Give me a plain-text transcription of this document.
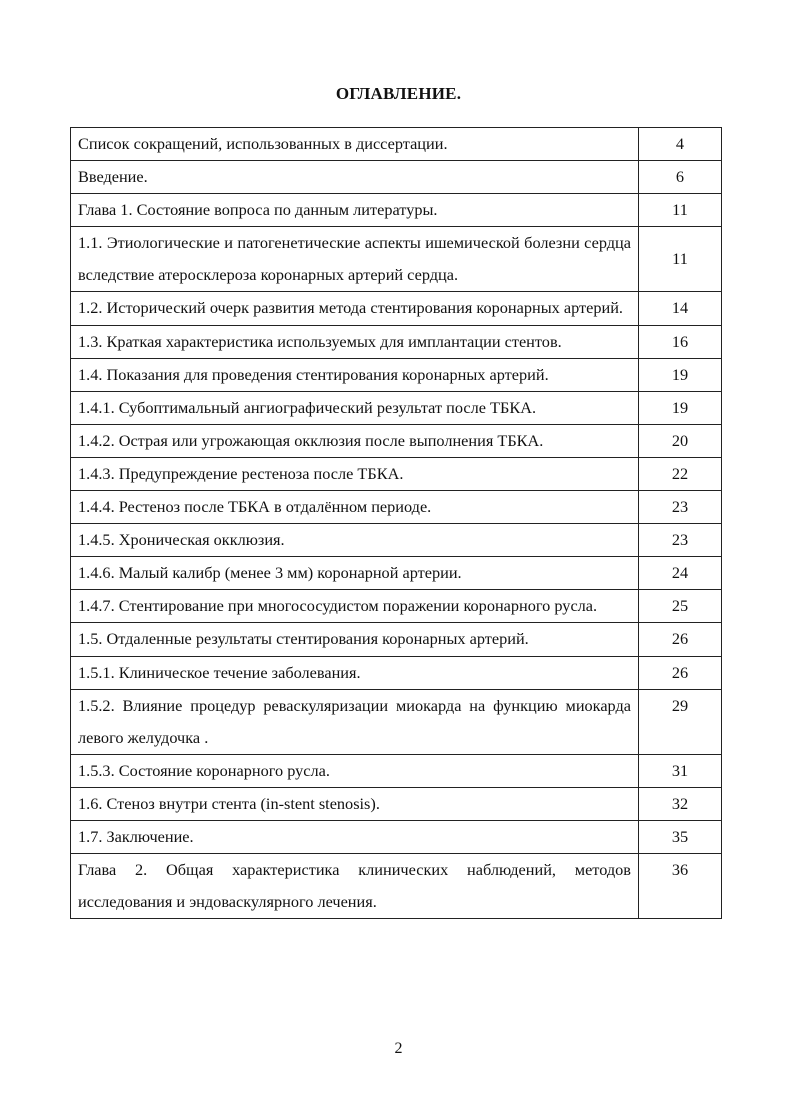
ОГЛАВЛЕНИЕ.
Список сокращений, использованных в диссертации.	4
Введение.	6
Глава 1. Состояние вопроса по данным литературы.	11
1.1. Этиологические и патогенетические аспекты ишемической болезни сердца вследствие атеросклероза коронарных артерий сердца.	11
1.2. Исторический очерк развития метода стентирования коронарных артерий.	14
1.3. Краткая характеристика используемых для имплантации стентов.	16
1.4. Показания для проведения стентирования коронарных артерий.	19
1.4.1. Субоптимальный ангиографический результат после ТБКА.	19
1.4.2. Острая или угрожающая окклюзия после выполнения ТБКА.	20
1.4.3. Предупреждение рестеноза после ТБКА.	22
1.4.4. Рестеноз после ТБКА в отдалённом периоде.	23
1.4.5. Хроническая окклюзия.	23
1.4.6. Малый калибр (менее 3 мм) коронарной артерии.	24
1.4.7. Стентирование при многососудистом поражении коронарного русла.	25
1.5. Отдаленные результаты стентирования коронарных артерий.	26
1.5.1. Клиническое течение заболевания.	26
1.5.2. Влияние процедур реваскуляризации миокарда на функцию миокарда левого желудочка .	29
1.5.3. Состояние коронарного русла.	31
1.6. Стеноз внутри стента (in-stent stenosis).	32
1.7. Заключение.	35
Глава 2. Общая характеристика клинических наблюдений, методов исследования и эндоваскулярного лечения.	36
2
